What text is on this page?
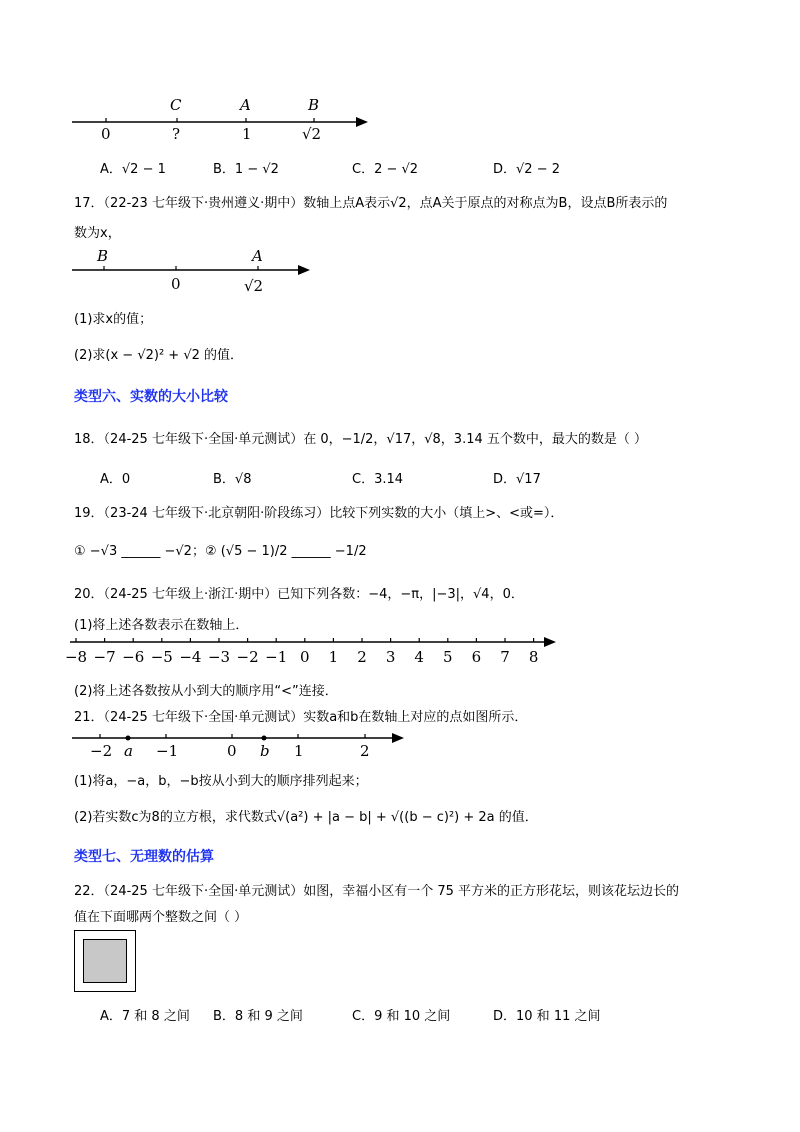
C	A	B
0	?	1	√2
A．√2 − 1	B．1 − √2	C．2 − √2	D．√2 − 2
17．（22-23 七年级下·贵州遵义·期中）数轴上点A表示√2，点A关于原点的对称点为B，设点B所表示的
数为x，
B	A
0	√2
(1)求x的值；
(2)求(x − √2)² + √2 的值．
类型六、实数的大小比较
18．（24-25 七年级下·全国·单元测试）在 0，−1/2，√17，√8，3.14 五个数中，最大的数是（ ）
A．0	B．√8	C．3.14	D．√17
19．（23-24 七年级下·北京朝阳·阶段练习）比较下列实数的大小（填上>、<或=）．
① −√3 ______ −√2；② (√5 − 1)/2 ______ −1/2
20．（24-25 七年级上·浙江·期中）已知下列各数：−4，−π，|−3|，√4，0．
(1)将上述各数表示在数轴上．
−8 −7 −6 −5 −4 −3 −2 −1 0 1 2 3 4 5 6 7 8
(2)将上述各数按从小到大的顺序用“<”连接．
21．（24-25 七年级下·全国·单元测试）实数a和b在数轴上对应的点如图所示．
−2 a −1	0 b 1	2
(1)将a，−a，b，−b按从小到大的顺序排列起来；
(2)若实数c为8的立方根，求代数式√(a²) + |a − b| + √((b − c)²) + 2a 的值．
类型七、无理数的估算
22．（24-25 七年级下·全国·单元测试）如图，幸福小区有一个 75 平方米的正方形花坛，则该花坛边长的
值在下面哪两个整数之间（ ）
A．7 和 8 之间 B．8 和 9 之间	C．9 和 10 之间	D．10 和 11 之间
